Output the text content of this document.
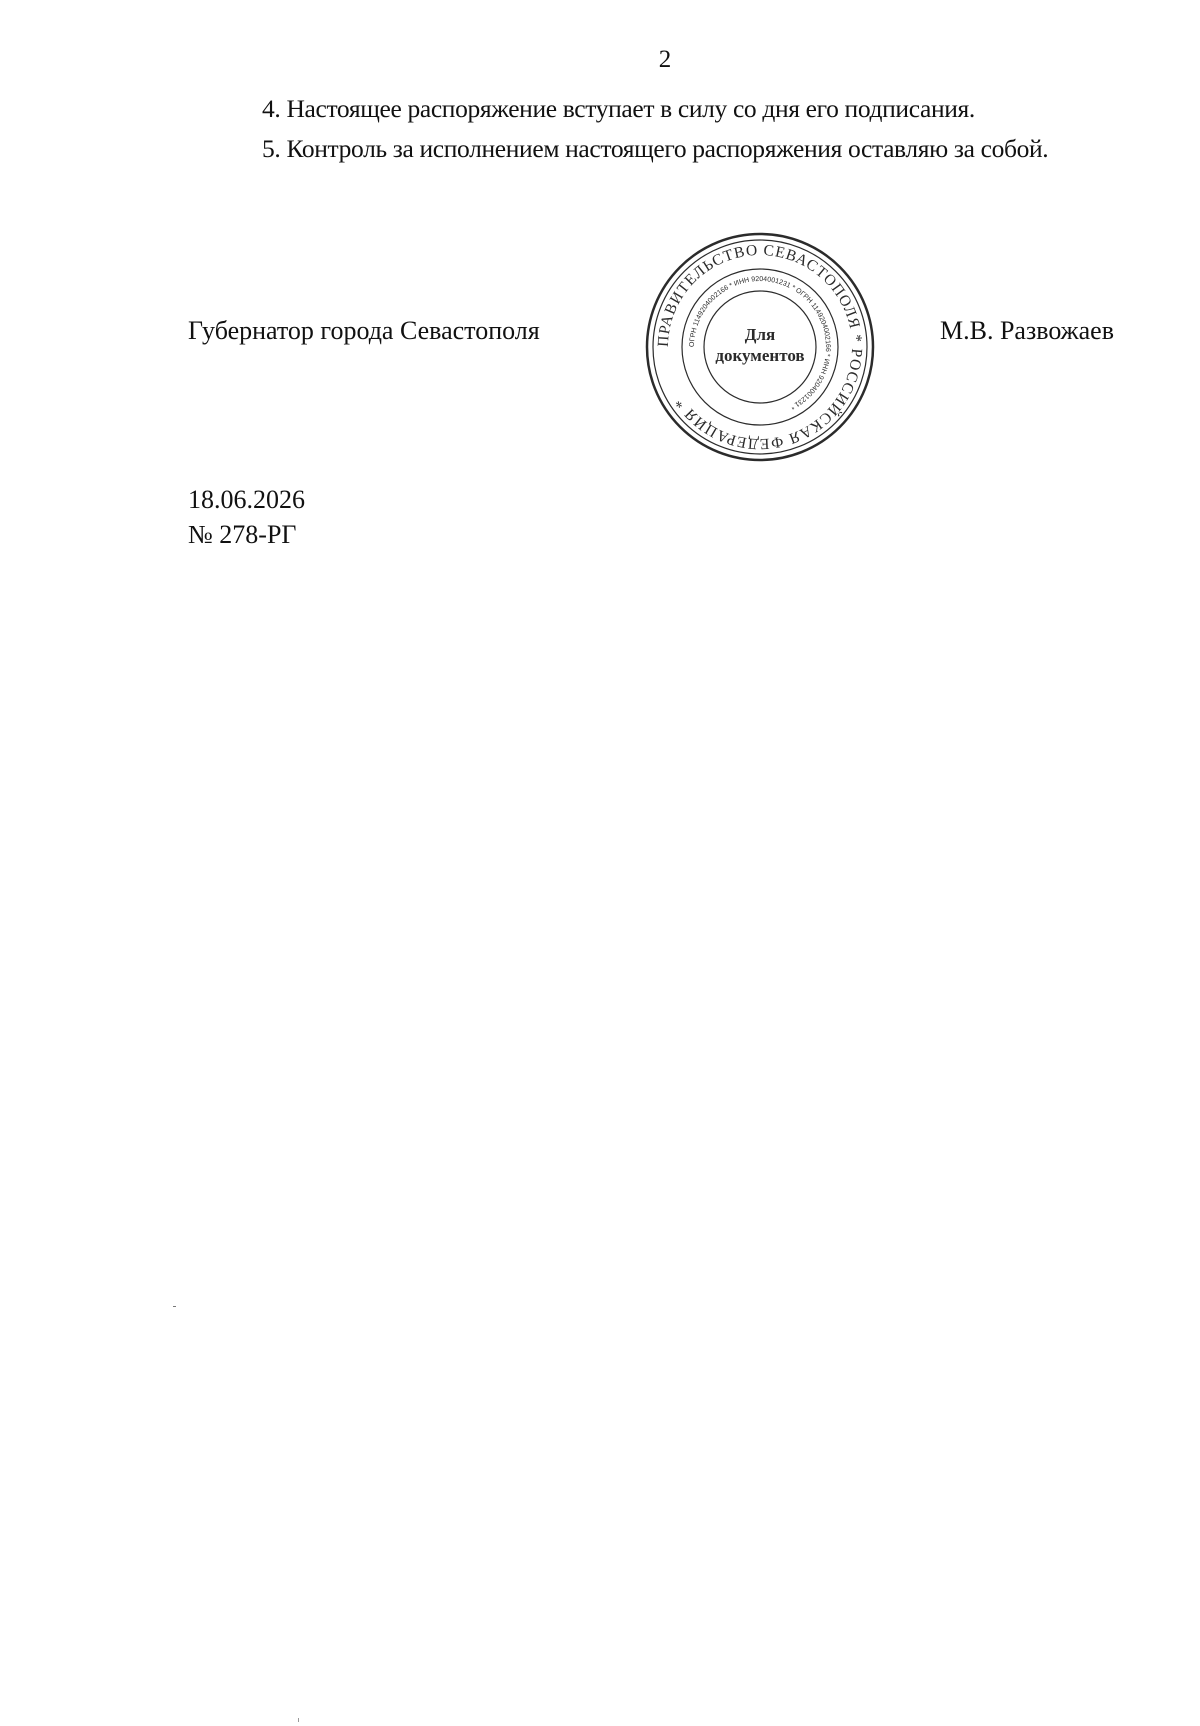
2
4. Настоящее распоряжение вступает в силу со дня его подписания.
5. Контроль за исполнением настоящего распоряжения оставляю за собой.
Губернатор города Севастополя	ПРАВИТЕЛЬСТВО СЕВАСТОПОЛЯ * РОССИЙСКАЯ ФЕДЕРАЦИЯ *
ОГРН 1149204002166 * ИНН 9204001231 * ОГРН 1149204002166 * ИНН 9204001231 *
Для
документов
М.В. Развожаев
18.06.2026
№ 278-РГ
